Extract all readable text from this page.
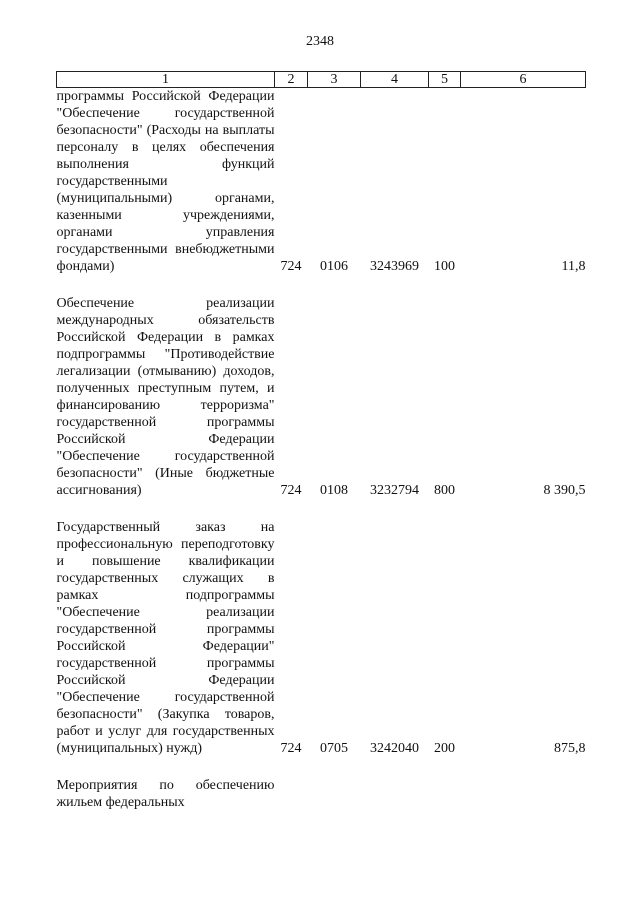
2348
1	2	3	4	5	6
программы Российской Федерации "Обеспечение государственной безопасности" (Расходы на выплаты персоналу в целях обеспечения выполнения функций государственными (муниципальными) органами, казенными учреждениями, органами управления государственными внебюджетными фондами)	724	0106	3243969	100	11,8

Обеспечение реализации международных обязательств Российской Федерации в рамках подпрограммы "Противодействие легализации (отмыванию) доходов, полученных преступным путем, и финансированию терроризма" государственной программы Российской Федерации "Обеспечение государственной безопасности" (Иные бюджетные ассигнования)	724	0108	3232794	800	8 390,5

Государственный заказ на профессиональную переподготовку и повышение квалификации государственных служащих в рамках подпрограммы "Обеспечение реализации государственной программы Российской Федерации" государственной программы Российской Федерации "Обеспечение государственной безопасности" (Закупка товаров, работ и услуг для государственных (муниципальных) нужд)	724	0705	3242040	200	875,8

Мероприятия по обеспечению жильем федеральных					
